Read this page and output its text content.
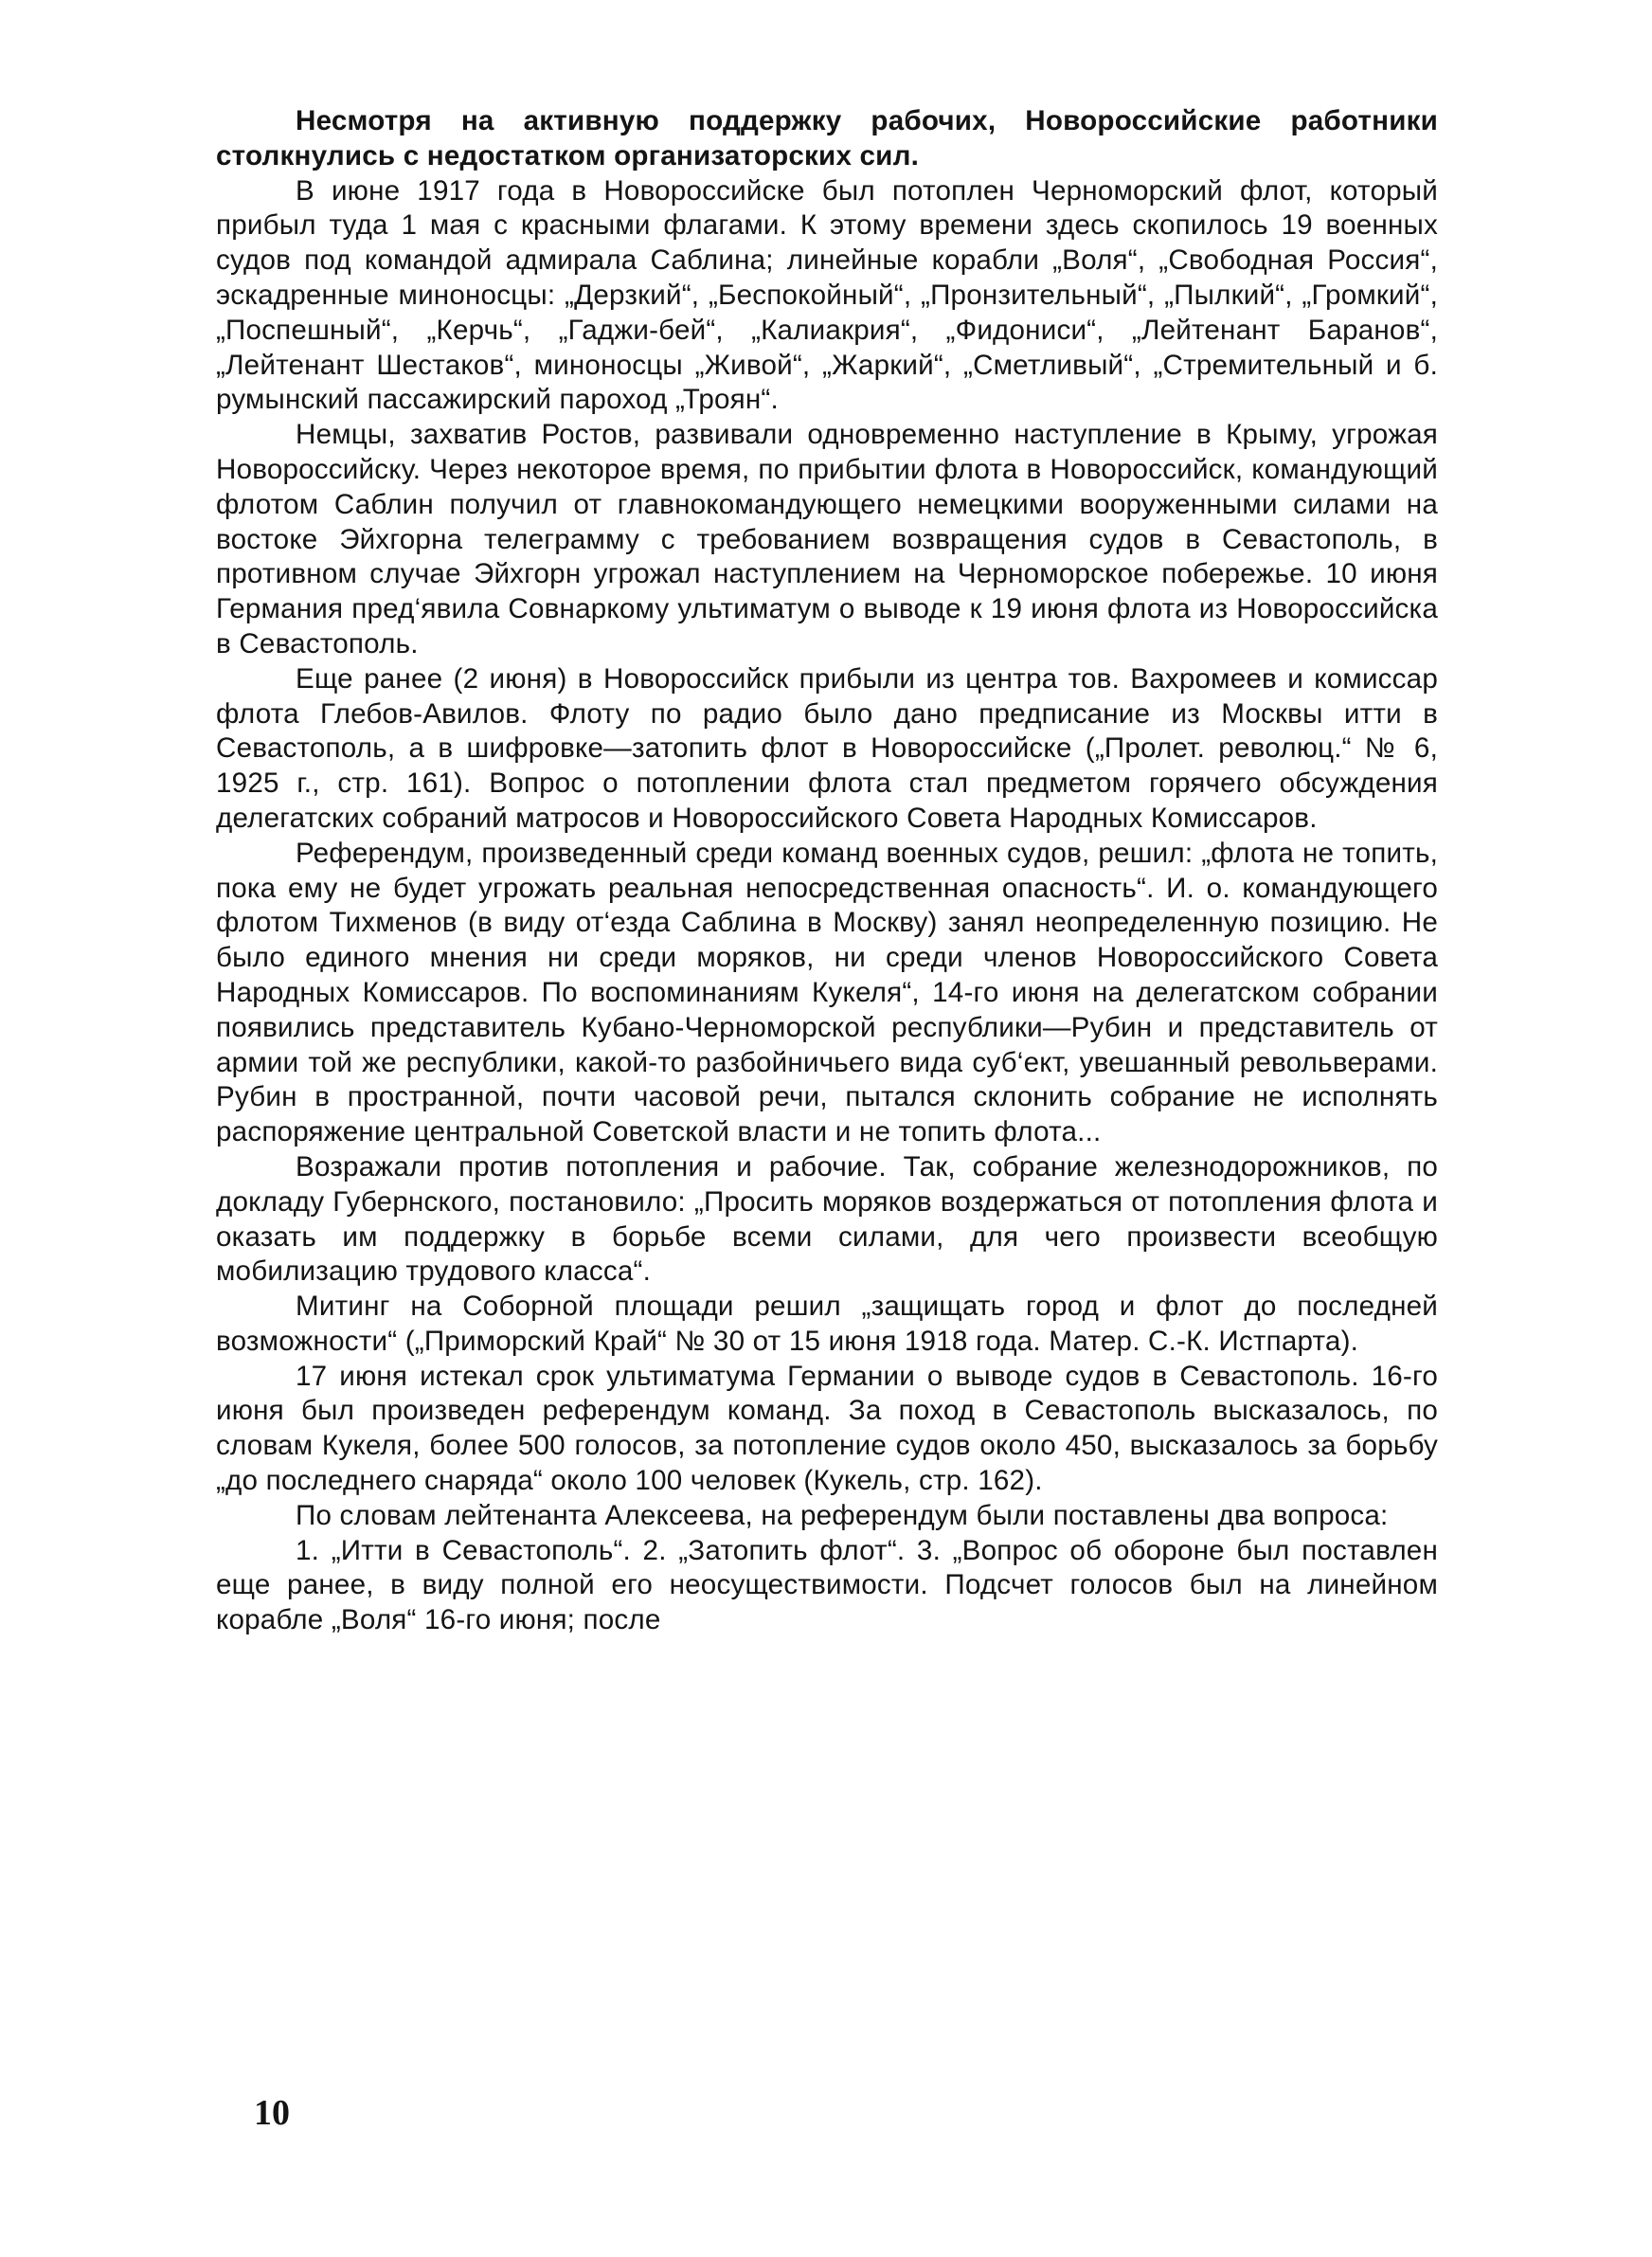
Несмотря на активную поддержку рабочих, Новороссийские работники столкнулись с недостатком организаторских сил.

В июне 1917 года в Новороссийске был потоплен Черноморский флот, который прибыл туда 1 мая с красными флагами. К этому времени здесь скопилось 19 военных судов под командой адмирала Саблина; линейные корабли „Воля“, „Свободная Россия“, эскадренные миноносцы: „Дерзкий“, „Беспокойный“, „Пронзительный“, „Пылкий“, „Громкий“, „Поспешный“, „Керчь“, „Гаджи-бей“, „Калиакрия“, „Фидониси“, „Лейтенант Баранов“, „Лейтенант Шестаков“, миноносцы „Живой“, „Жаркий“, „Сметливый“, „Стремительный и б. румынский пассажирский пароход „Троян“.

Немцы, захватив Ростов, развивали одновременно наступление в Крыму, угрожая Новороссийску. Через некоторое время, по прибытии флота в Новороссийск, командующий флотом Саблин получил от главнокомандующего немецкими вооруженными силами на востоке Эйхгорна телеграмму с требованием возвращения судов в Севастополь, в противном случае Эйхгорн угрожал наступлением на Черноморское побережье. 10 июня Германия пред‘явила Совнаркому ультиматум о выводе к 19 июня флота из Новороссийска в Севастополь.

Еще ранее (2 июня) в Новороссийск прибыли из центра тов. Вахромеев и комиссар флота Глебов-Авилов. Флоту по радио было дано предписание из Москвы итти в Севастополь, а в шифровке—затопить флот в Новороссийске („Пролет. революц.“ № 6, 1925 г., стр. 161). Вопрос о потоплении флота стал предметом горячего обсуждения делегатских собраний матросов и Новороссийского Совета Народных Комиссаров.

Референдум, произведенный среди команд военных судов, решил: „флота не топить, пока ему не будет угрожать реальная непосредственная опасность“. И. о. командующего флотом Тихменов (в виду от‘езда Саблина в Москву) занял неопределенную позицию. Не было единого мнения ни среди моряков, ни среди членов Новороссийского Совета Народных Комиссаров. По воспоминаниям Кукеля“, 14-го июня на делегатском собрании появились представитель Кубано-Черноморской республики—Рубин и представитель от армии той же республики, какой-то разбойничьего вида суб‘ект, увешанный револьверами. Рубин в пространной, почти часовой речи, пытался склонить собрание не исполнять распоряжение центральной Советской власти и не топить флота...

Возражали против потопления и рабочие. Так, собрание железнодорожников, по докладу Губернского, постановило: „Просить моряков воздержаться от потопления флота и оказать им поддержку в борьбе всеми силами, для чего произвести всеобщую мобилизацию трудового класса“.

Митинг на Соборной площади решил „защищать город и флот до последней возможности“ („Приморский Край“ № 30 от 15 июня 1918 года. Матер. С.-К. Истпарта).

17 июня истекал срок ультиматума Германии о выводе судов в Севастополь. 16-го июня был произведен референдум команд. За поход в Севастополь высказалось, по словам Кукеля, более 500 голосов, за потопление судов около 450, высказалось за борьбу „до последнего снаряда“ около 100 человек (Кукель, стр. 162).

По словам лейтенанта Алексеева, на референдум были поставлены два вопроса:

1. „Итти в Севастополь“. 2. „Затопить флот“. 3. „Вопрос об обороне был поставлен еще ранее, в виду полной его неосуществимости. Подсчет голосов был на линейном корабле „Воля“ 16-го июня; после

10
